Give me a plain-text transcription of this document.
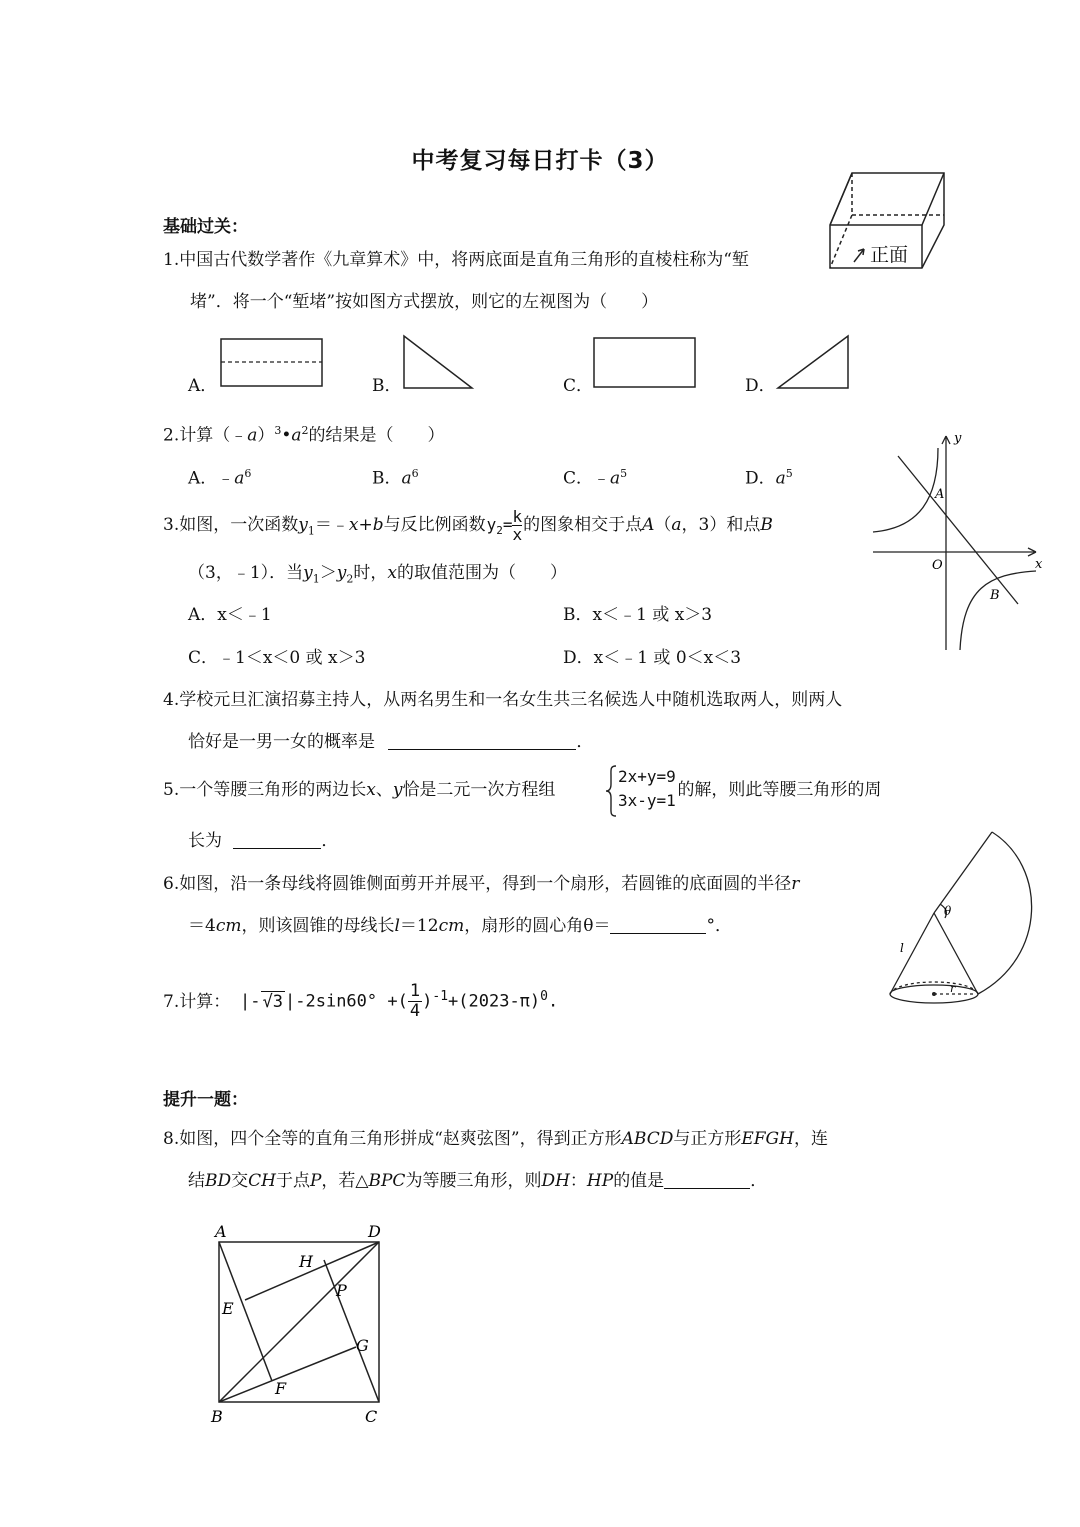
中考复习每日打卡（3）
基础过关：
正面
1.中国古代数学著作《九章算术》中，将两底面是直角三角形的直棱柱称为“堑
堵”．将一个“堑堵”按如图方式摆放，则它的左视图为（　　）
A．	B．	C．	D．
2.计算$(﹣a)^3•a^2$的结果是（　　）
A．$﹣a^6$	B．$a^6$	C．$﹣a^5$	D．$a^5$
y
x
O
A
B
3.如图，一次函数$y_1=﹣x+b$与反比例函数$y_2= \frac{k}{x}$ 的图象相交于点A（a，3）和点B
（3，﹣1）．当$y_1>y_2$时，x的取值范围为（　　）
A．x＜﹣1	B．x＜﹣1 或 x＞3
C．﹣1＜x＜0 或 x＞3	D．x＜﹣1 或 0＜x＜3
4.学校元旦汇演招募主持人，从两名男生和一名女生共三名候选人中随机选取两人，则两人
恰好是一男一女的概率是	．
5.一个等腰三角形的两边长x、y恰是二元一次方程组	的解，则此等腰三角形的周
2x+y=9
3x-y=1
长为	．
θ
l
r
6.如图，沿一条母线将圆锥侧面剪开并展平，得到一个扇形，若圆锥的底面圆的半径r
＝4cm，则该圆锥的母线长l＝12cm，扇形的圆心角θ＝	°．
7.计算： |- √3 |-2sin60° +( $\frac{1}{4} )^{-1}+(2023-\pi)^0$.
提升一题：
8.如图，四个全等的直角三角形拼成“赵爽弦图”，得到正方形ABCD与正方形EFGH，连
结BD交CH于点P，若△BPC为等腰三角形，则DH：HP的值是	．
A	D
H
P
E
G
F
B	C
